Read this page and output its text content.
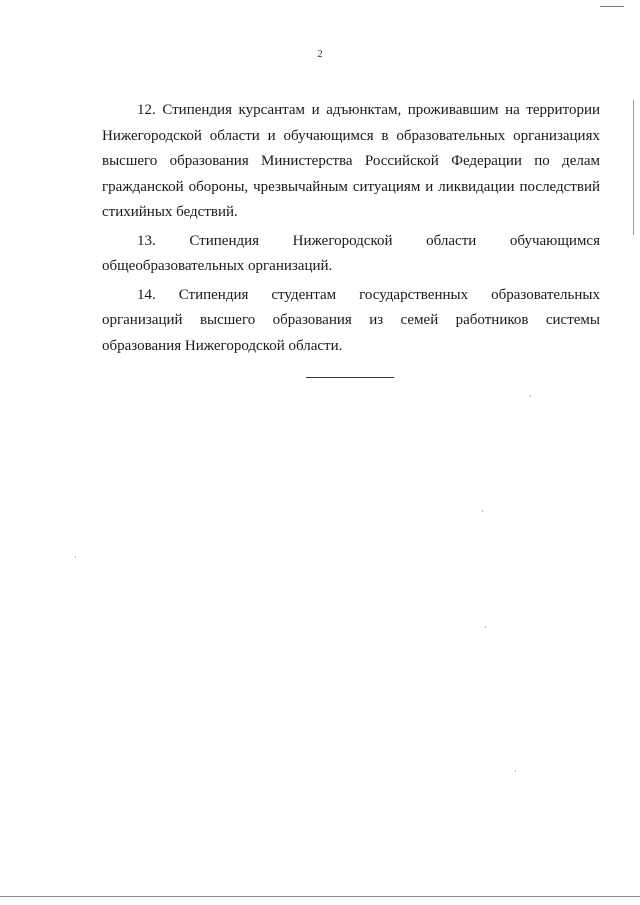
2

12. Стипендия курсантам и адъюнктам, проживавшим на территории Нижегородской области и обучающимся в образовательных организациях высшего образования Министерства Российской Федерации по делам гражданской обороны, чрезвычайным ситуациям и ликвидации последствий стихийных бедствий.

13. Стипендия Нижегородской области обучающимся общеобразовательных организаций.

14. Стипендия студентам государственных образовательных организаций высшего образования из семей работников системы образования Нижегородской области.
